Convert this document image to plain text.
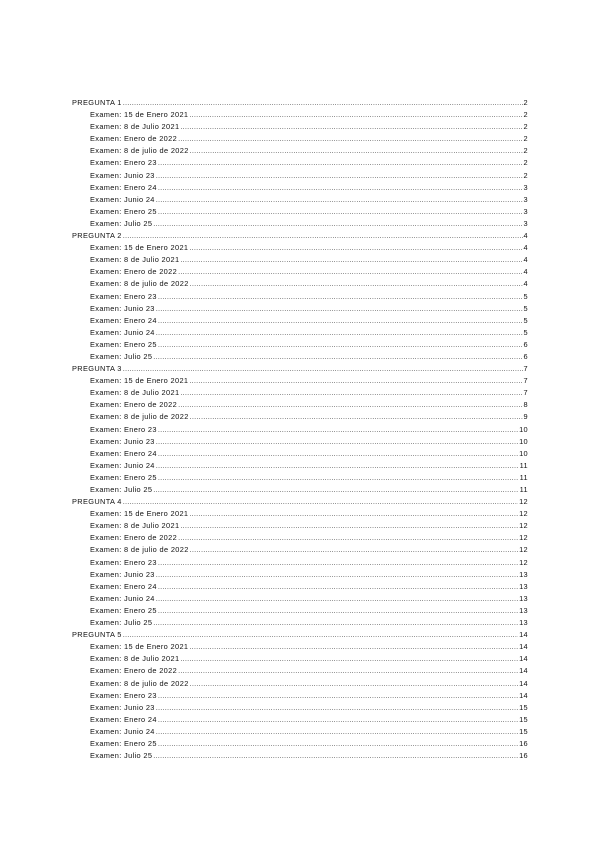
PREGUNTA 1 .....	2
Examen: 15 de Enero 2021 .....	2
Examen: 8 de Julio 2021 .....	2
Examen: Enero de 2022 .....	2
Examen: 8 de julio de 2022 .....	2
Examen: Enero 23 .....	2
Examen: Junio 23 .....	2
Examen: Enero 24 .....	3
Examen: Junio 24 .....	3
Examen: Enero 25 .....	3
Examen: Julio 25 .....	3
PREGUNTA 2 .....	4
Examen: 15 de Enero 2021 .....	4
Examen: 8 de Julio 2021 .....	4
Examen: Enero de 2022 .....	4
Examen: 8 de julio de 2022 .....	4
Examen: Enero 23 .....	5
Examen: Junio 23 .....	5
Examen: Enero 24 .....	5
Examen: Junio 24 .....	5
Examen: Enero 25 .....	6
Examen: Julio 25 .....	6
PREGUNTA 3 .....	7
Examen: 15 de Enero 2021 .....	7
Examen: 8 de Julio 2021 .....	7
Examen: Enero de 2022 .....	8
Examen: 8 de julio de 2022 .....	9
Examen: Enero 23 .....	10
Examen: Junio 23 .....	10
Examen: Enero 24 .....	10
Examen: Junio 24 .....	11
Examen: Enero 25 .....	11
Examen: Julio 25 .....	11
PREGUNTA 4 .....	12
Examen: 15 de Enero 2021 .....	12
Examen: 8 de Julio 2021 .....	12
Examen: Enero de 2022 .....	12
Examen: 8 de julio de 2022 .....	12
Examen: Enero 23 .....	12
Examen: Junio 23 .....	13
Examen: Enero 24 .....	13
Examen: Junio 24 .....	13
Examen: Enero 25 .....	13
Examen: Julio 25 .....	13
PREGUNTA 5 .....	14
Examen: 15 de Enero 2021 .....	14
Examen: 8 de Julio 2021 .....	14
Examen: Enero de 2022 .....	14
Examen: 8 de julio de 2022 .....	14
Examen: Enero 23 .....	14
Examen: Junio 23 .....	15
Examen: Enero 24 .....	15
Examen: Junio 24 .....	15
Examen: Enero 25 .....	16
Examen: Julio 25 .....	16
